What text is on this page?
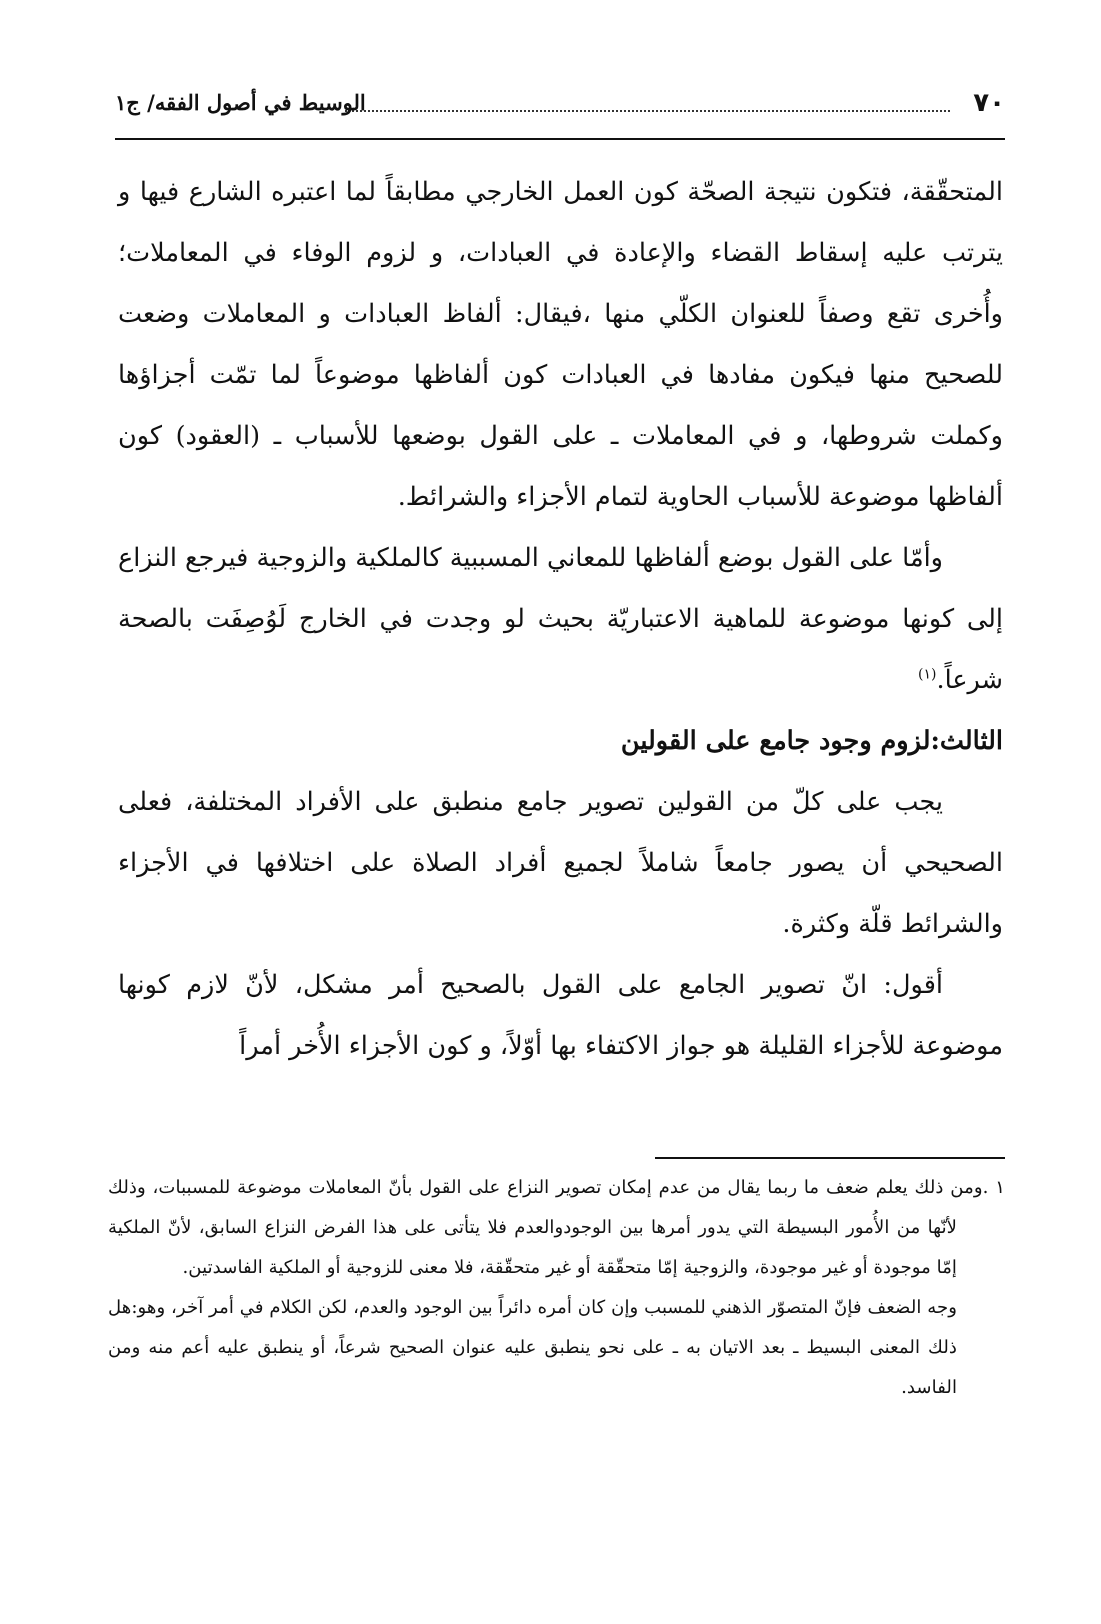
٧٠
الوسيط في أصول الفقه/ ج١

المتحقّقة، فتكون نتيجة الصحّة كون العمل الخارجي مطابقاً لما اعتبره الشارع فيها و يترتب عليه إسقاط القضاء والإعادة في العبادات، و لزوم الوفاء في المعاملات؛ وأُخرى تقع وصفاً للعنوان الكلّي منها ،فيقال: ألفاظ العبادات و المعاملات وضعت للصحيح منها فيكون مفادها في العبادات كون ألفاظها موضوعاً لما تمّت أجزاؤها وكملت شروطها، و في المعاملات ـ على القول بوضعها للأسباب ـ (العقود) كون ألفاظها موضوعة للأسباب الحاوية لتمام الأجزاء والشرائط.

وأمّا على القول بوضع ألفاظها للمعاني المسببية كالملكية والزوجية فيرجع النزاع إلى كونها موضوعة للماهية الاعتباريّة بحيث لو وجدت في الخارج لَوُصِفَت بالصحة شرعاً.$^{(١)}$

الثالث:لزوم وجود جامع على القولين

يجب على كلّ من القولين تصوير جامع منطبق على الأفراد المختلفة، فعلى الصحيحي أن يصور جامعاً شاملاً لجميع أفراد الصلاة على اختلافها في الأجزاء والشرائط قلّة وكثرة.

أقول: انّ تصوير الجامع على القول بالصحيح أمر مشكل، لأنّ لازم كونها موضوعة للأجزاء القليلة هو جواز الاكتفاء بها أوّلاً، و كون الأجزاء الأُخر أمراً

١ .ومن ذلك يعلم ضعف ما ربما يقال من عدم إمكان تصوير النزاع على القول بأنّ المعاملات موضوعة للمسببات، وذلك لأنّها من الأُمور البسيطة التي يدور أمرها بين الوجودوالعدم فلا يتأتى على هذا الفرض النزاع السابق، لأنّ الملكية إمّا موجودة أو غير موجودة، والزوجية إمّا متحقّقة أو غير متحقّقة، فلا معنى للزوجية أو الملكية الفاسدتين.

وجه الضعف فإنّ المتصوّر الذهني للمسبب وإن كان أمره دائراً بين الوجود والعدم، لكن الكلام في أمر آخر، وهو:هل ذلك المعنى البسيط ـ بعد الاتيان به ـ على نحو ينطبق عليه عنوان الصحيح شرعاً، أو ينطبق عليه أعم منه ومن الفاسد.
